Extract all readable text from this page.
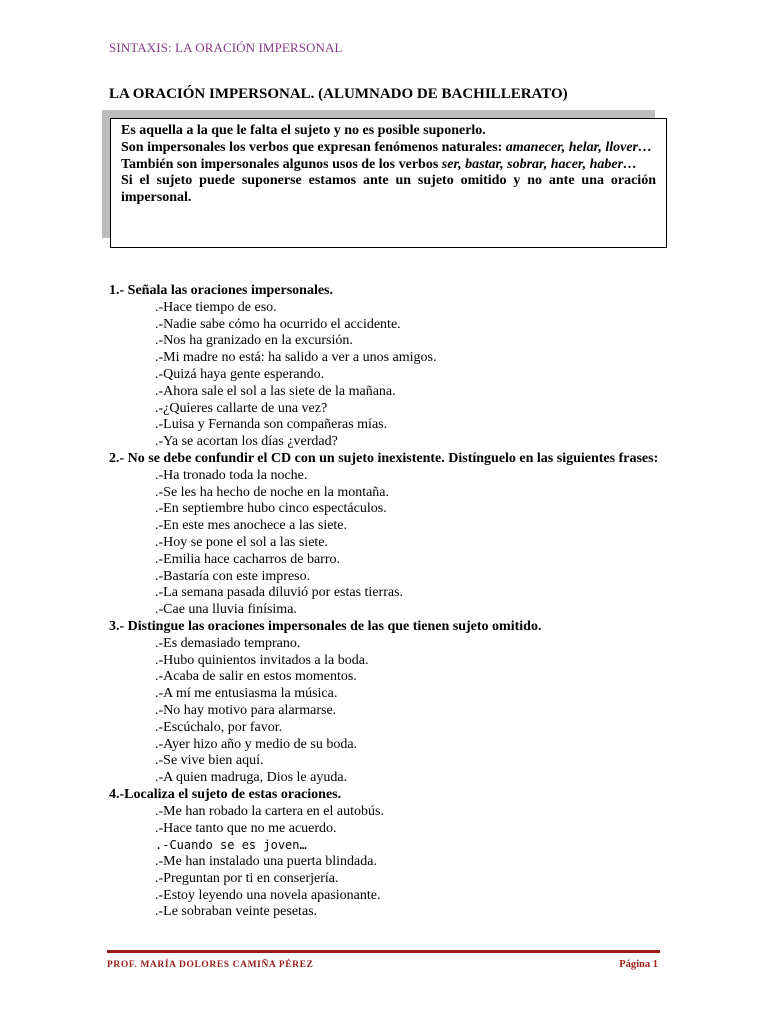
SINTAXIS: LA ORACIÓN IMPERSONAL
LA ORACIÓN IMPERSONAL. (ALUMNADO DE BACHILLERATO)

Es aquella a la que le falta el sujeto y no es posible suponerlo.

Son impersonales los verbos que expresan fenómenos naturales: amanecer, helar, llover…

También son impersonales algunos usos de los verbos ser, bastar, sobrar, hacer, haber…

Si el sujeto puede suponerse estamos ante un sujeto omitido y no ante una oración impersonal.

1.- Señala las oraciones impersonales.

.-Hace tiempo de eso.

.-Nadie sabe cómo ha ocurrido el accidente.

.-Nos ha granizado en la excursión.

.-Mi madre no está: ha salido a ver a unos amigos.

.-Quizá haya gente esperando.

.-Ahora sale el sol a las siete de la mañana.

.-¿Quieres callarte de una vez?

.-Luisa y Fernanda son compañeras mías.

.-Ya se acortan los días ¿verdad?

2.- No se debe confundir el CD con un sujeto inexistente. Distínguelo en las siguientes frases:

.-Ha tronado toda la noche.

.-Se les ha hecho de noche en la montaña.

.-En septiembre hubo cinco espectáculos.

.-En este mes anochece a las siete.

.-Hoy se pone el sol a las siete.

.-Emilia hace cacharros de barro.

.-Bastaría con este impreso.

.-La semana pasada diluvió por estas tierras.

.-Cae una lluvia finísima.

3.- Distingue las oraciones impersonales de las que tienen sujeto omitido.

.-Es demasiado temprano.

.-Hubo quinientos invitados a la boda.

.-Acaba de salir en estos momentos.

.-A mí me entusiasma la música.

.-No hay motivo para alarmarse.

.-Escúchalo, por favor.

.-Ayer hizo año y medio de su boda.

.-Se vive bien aquí.

.-A quien madruga, Dios le ayuda.

4.-Localiza el sujeto de estas oraciones.

.-Me han robado la cartera en el autobús.

.-Hace tanto que no me acuerdo.

.-Cuando se es joven…

.-Me han instalado una puerta blindada.

.-Preguntan por ti en conserjería.

.-Estoy leyendo una novela apasionante.

.-Le sobraban veinte pesetas.

PROF. MARÍA DOLORES CAMIÑA PÉREZ	Página 1
